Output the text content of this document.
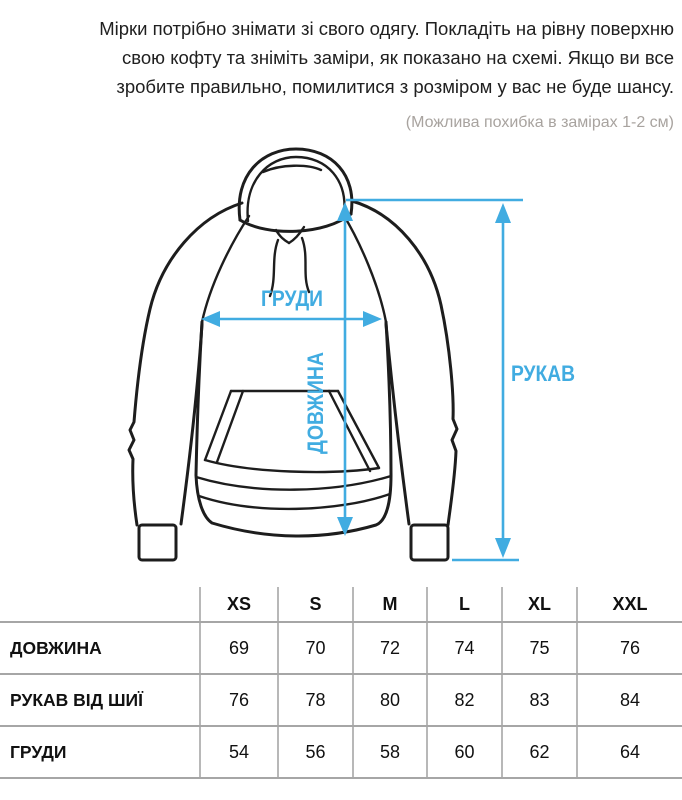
Мірки потрібно знімати зі свого одягу. Покладіть на рівну поверхню
свою кофту та зніміть заміри, як показано на схемі. Якщо ви все
зробите правильно, помилитися з розміром у вас не буде шансу.
(Можлива похибка в замірах 1-2 см)
ГРУДИ
ДОВЖИНА	РУКАВ
	XS	S	M	L	XL	XXL
ДОВЖИНА	69	70	72	74	75	76
РУКАВ ВІД ШИЇ	76	78	80	82	83	84
ГРУДИ	54	56	58	60	62	64
